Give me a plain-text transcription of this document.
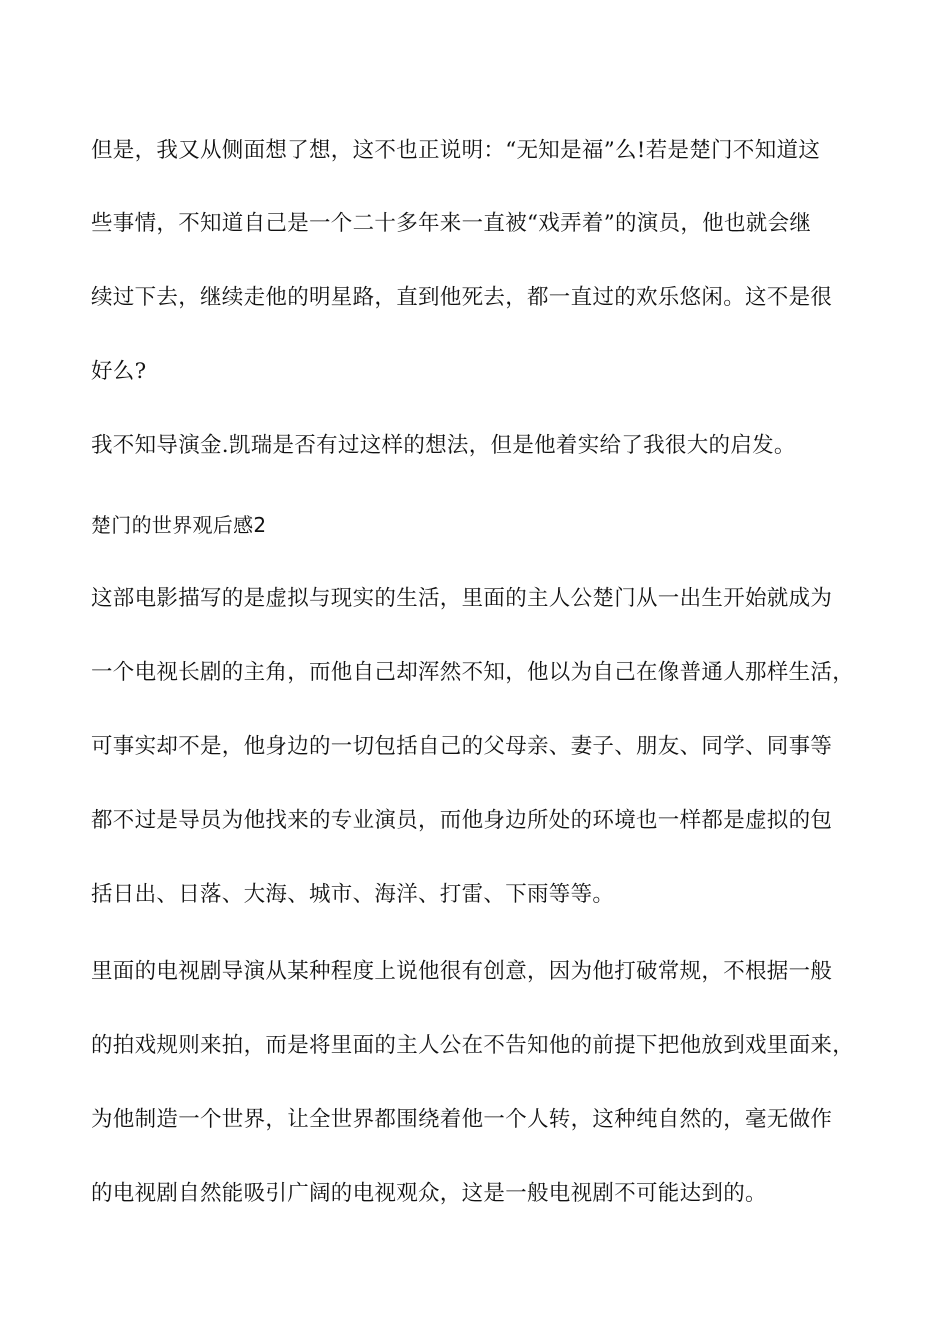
但是，我又从侧面想了想，这不也正说明：“无知是福”么!若是楚门不知道这
些事情，不知道自己是一个二十多年来一直被“戏弄着”的演员，他也就会继
续过下去，继续走他的明星路，直到他死去，都一直过的欢乐悠闲。这不是很
好么?
我不知导演金.凯瑞是否有过这样的想法，但是他着实给了我很大的启发。
楚门的世界观后感2
这部电影描写的是虚拟与现实的生活，里面的主人公楚门从一出生开始就成为
一个电视长剧的主角，而他自己却浑然不知，他以为自己在像普通人那样生活，
可事实却不是，他身边的一切包括自己的父母亲、妻子、朋友、同学、同事等
都不过是导员为他找来的专业演员，而他身边所处的环境也一样都是虚拟的包
括日出、日落、大海、城市、海洋、打雷、下雨等等。
里面的电视剧导演从某种程度上说他很有创意，因为他打破常规，不根据一般
的拍戏规则来拍，而是将里面的主人公在不告知他的前提下把他放到戏里面来，
为他制造一个世界，让全世界都围绕着他一个人转，这种纯自然的，毫无做作
的电视剧自然能吸引广阔的电视观众，这是一般电视剧不可能达到的。
